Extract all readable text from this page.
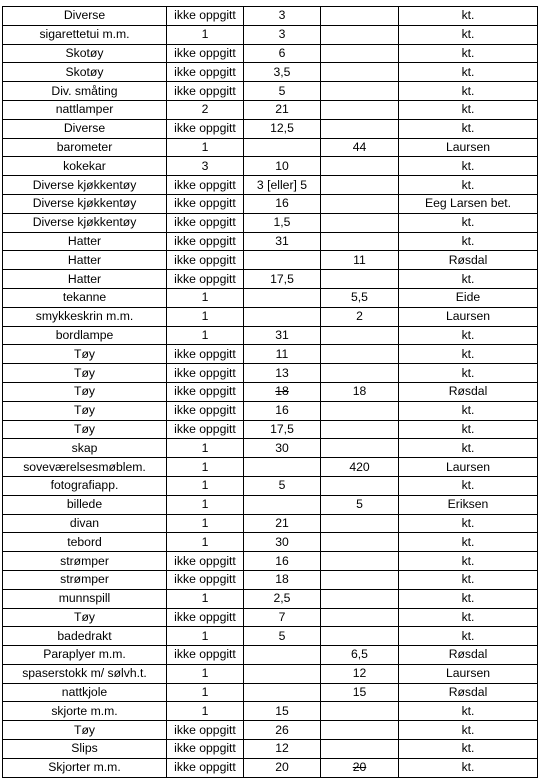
Diverse	ikke oppgitt	3		kt.
sigarettetui m.m.	1	3		kt.
Skotøy	ikke oppgitt	6		kt.
Skotøy	ikke oppgitt	3,5		kt.
Div. småting	ikke oppgitt	5		kt.
nattlamper	2	21		kt.
Diverse	ikke oppgitt	12,5		kt.
barometer	1		44	Laursen
kokekar	3	10		kt.
Diverse kjøkkentøy	ikke oppgitt	3 [eller] 5		kt.
Diverse kjøkkentøy	ikke oppgitt	16		Eeg Larsen bet.
Diverse kjøkkentøy	ikke oppgitt	1,5		kt.
Hatter	ikke oppgitt	31		kt.
Hatter	ikke oppgitt		11	Røsdal
Hatter	ikke oppgitt	17,5		kt.
tekanne	1		5,5	Eide
smykkeskrin m.m.	1		2	Laursen
bordlampe	1	31		kt.
Tøy	ikke oppgitt	11		kt.
Tøy	ikke oppgitt	13		kt.
Tøy	ikke oppgitt	18	18	Røsdal
Tøy	ikke oppgitt	16		kt.
Tøy	ikke oppgitt	17,5		kt.
skap	1	30		kt.
soveværelsesmøblem.	1		420	Laursen
fotografiapp.	1	5		kt.
billede	1		5	Eriksen
divan	1	21		kt.
tebord	1	30		kt.
strømper	ikke oppgitt	16		kt.
strømper	ikke oppgitt	18		kt.
munnspill	1	2,5		kt.
Tøy	ikke oppgitt	7		kt.
badedrakt	1	5		kt.
Paraplyer m.m.	ikke oppgitt		6,5	Røsdal
spaserstokk m/ sølvh.t.	1		12	Laursen
nattkjole	1		15	Røsdal
skjorte m.m.	1	15		kt.
Tøy	ikke oppgitt	26		kt.
Slips	ikke oppgitt	12		kt.
Skjorter m.m.	ikke oppgitt	20	20	kt.
